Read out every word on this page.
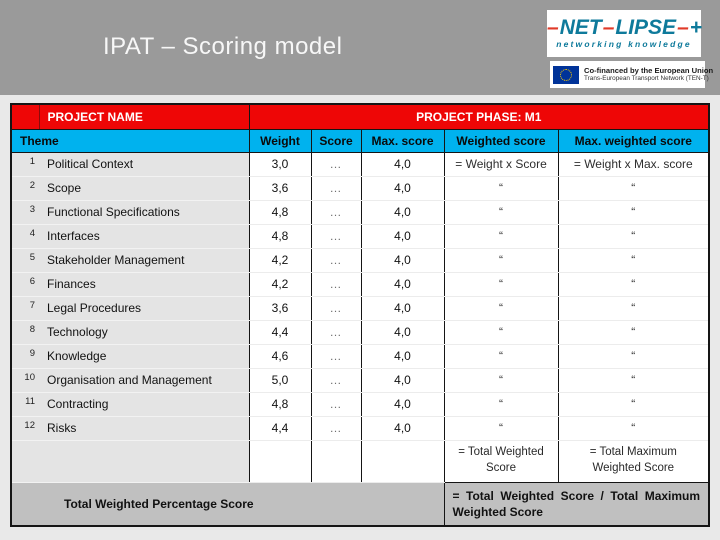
IPAT – Scoring model
–NET–LIPSE–+
networking knowledge
Co-financed by the European Union
Trans-European Transport Network (TEN-T)
	PROJECT NAME	PROJECT PHASE: M1				
Theme		Weight	Score	Max. score	Weighted score	Max. weighted score
1	Political Context	3,0	…	4,0	= Weight x Score	= Weight x Max. score
2	Scope	3,6	…	4,0	“	“
3	Functional Specifications	4,8	…	4,0	“	“
4	Interfaces	4,8	…	4,0	“	“
5	Stakeholder Management	4,2	…	4,0	“	“
6	Finances	4,2	…	4,0	“	“
7	Legal Procedures	3,6	…	4,0	“	“
8	Technology	4,4	…	4,0	“	“
9	Knowledge	4,6	…	4,0	“	“
10	Organisation and Management	5,0	…	4,0	“	“
11	Contracting	4,8	…	4,0	“	“
12	Risks	4,4	…	4,0	“	“
					= Total Weighted Score	= Total Maximum Weighted Score
Total Weighted Percentage Score					= Total Weighted Score / Total Maximum Weighted Score	
